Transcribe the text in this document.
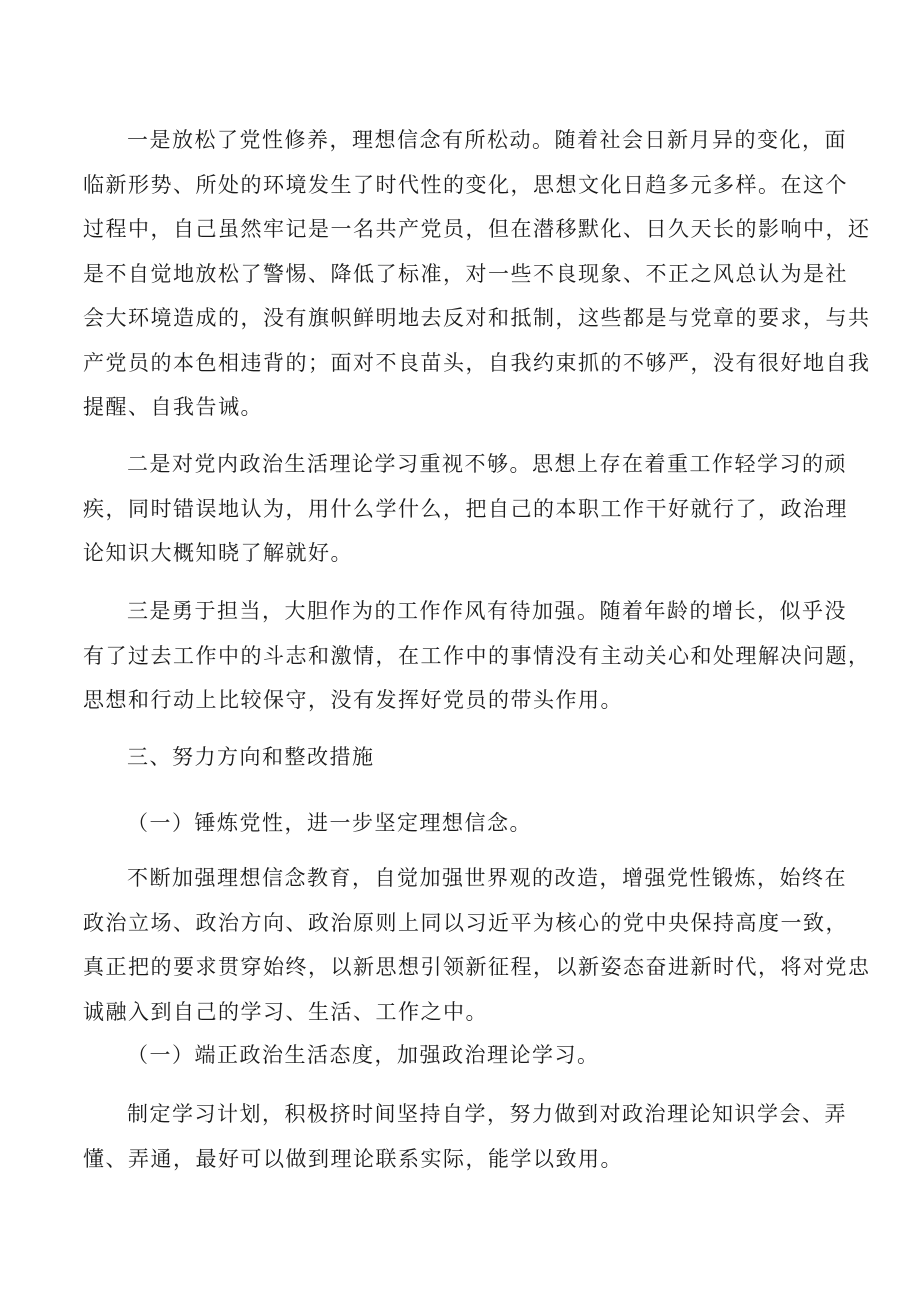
一是放松了党性修养，理想信念有所松动。随着社会日新月异的变化，面
临新形势、所处的环境发生了时代性的变化，思想文化日趋多元多样。在这个
过程中，自己虽然牢记是一名共产党员，但在潜移默化、日久天长的影响中，还
是不自觉地放松了警惕、降低了标准，对一些不良现象、不正之风总认为是社
会大环境造成的，没有旗帜鲜明地去反对和抵制，这些都是与党章的要求，与共
产党员的本色相违背的；面对不良苗头，自我约束抓的不够严，没有很好地自我
提醒、自我告诫。
二是对党内政治生活理论学习重视不够。思想上存在着重工作轻学习的顽
疾，同时错误地认为，用什么学什么，把自己的本职工作干好就行了，政治理
论知识大概知晓了解就好。
三是勇于担当，大胆作为的工作作风有待加强。随着年龄的增长，似乎没
有了过去工作中的斗志和激情，在工作中的事情没有主动关心和处理解决问题，
思想和行动上比较保守，没有发挥好党员的带头作用。
三、努力方向和整改措施
（一）锤炼党性，进一步坚定理想信念。
不断加强理想信念教育，自觉加强世界观的改造，增强党性锻炼，始终在
政治立场、政治方向、政治原则上同以习近平为核心的党中央保持高度一致，
真正把的要求贯穿始终，以新思想引领新征程，以新姿态奋进新时代，将对党忠
诚融入到自己的学习、生活、工作之中。
（一）端正政治生活态度，加强政治理论学习。
制定学习计划，积极挤时间坚持自学，努力做到对政治理论知识学会、弄
懂、弄通，最好可以做到理论联系实际，能学以致用。
